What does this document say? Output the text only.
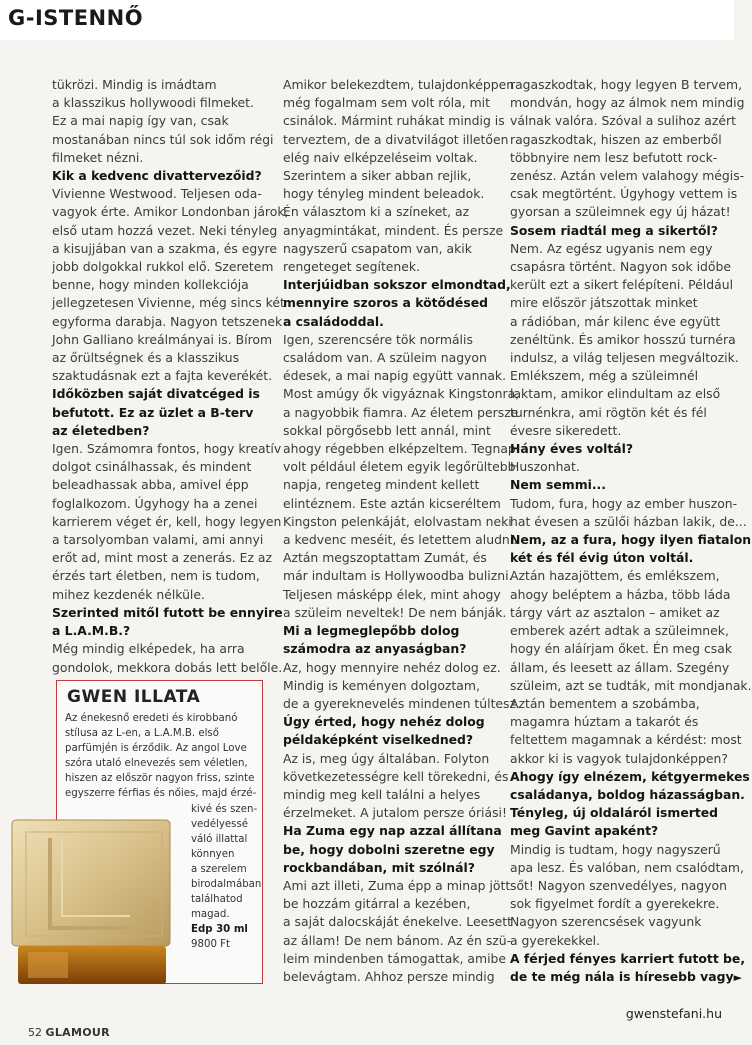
G-ISTENNŐ

tükrözi. Mindig is imádtam
a klasszikus hollywoodi filmeket.
Ez a mai napig így van, csak
mostanában nincs túl sok időm régi
filmeket nézni.

Kik a kedvenc divattervezőid?

Vivienne Westwood. Teljesen oda-
vagyok érte. Amikor Londonban járok,
első utam hozzá vezet. Neki tényleg
a kisujjában van a szakma, és egyre
jobb dolgokkal rukkol elő. Szeretem
benne, hogy minden kollekciója
jellegzetesen Vivienne, még sincs két
egyforma darabja. Nagyon tetszenek
John Galliano kreálmányai is. Bírom
az őrültségnek és a klasszikus
szaktudásnak ezt a fajta keverékét.

Időközben saját divatcéged is
befutott. Ez az üzlet a B-terv
az életedben?

Igen. Számomra fontos, hogy kreatív
dolgot csinálhassak, és mindent
beleadhassak abba, amivel épp
foglalkozom. Úgyhogy ha a zenei
karrierem véget ér, kell, hogy legyen
a tarsolyomban valami, ami annyi
erőt ad, mint most a zenerás. Ez az
érzés tart életben, nem is tudom,
mihez kezdenék nélküle.

Szerinted mitől futott be ennyire
a L.A.M.B.?

Még mindig elképedek, ha arra
gondolok, mekkora dobás lett belőle.

Amikor belekezdtem, tulajdonképpen
még fogalmam sem volt róla, mit
csinálok. Mármint ruhákat mindig is
terveztem, de a divatvilágot illetően
elég naiv elképzeléseim voltak.
Szerintem a siker abban rejlik,
hogy tényleg mindent beleadok.
Én választom ki a színeket, az
anyagmintákat, mindent. És persze
nagyszerű csapatom van, akik
rengeteget segítenek.

Interjúidban sokszor elmondtad,
mennyire szoros a kötődésed
a családoddal.

Igen, szerencsére tök normális
családom van. A szüleim nagyon
édesek, a mai napig együtt vannak.
Most amúgy ők vigyáznak Kingstonra,
a nagyobbik fiamra. Az életem persze
sokkal pörgősebb lett annál, mint
ahogy régebben elképzeltem. Tegnap
volt például életem egyik legőrültebb
napja, rengeteg mindent kellett
elintéznem. Este aztán kicseréltem
Kingston pelenkáját, elolvastam neki
a kedvenc meséit, és letettem aludni.
Aztán megszoptattam Zumát, és
már indultam is Hollywoodba bulizni.
Teljesen másképp élek, mint ahogy
a szüleim neveltek! De nem bánják.

Mi a legmeglepőbb dolog
számodra az anyaságban?

Az, hogy mennyire nehéz dolog ez.
Mindig is keményen dolgoztam,
de a gyereknevelés mindenen túltesz.

Úgy érted, hogy nehéz dolog
példaképként viselkedned?

Az is, meg úgy általában. Folyton
következetességre kell törekedni, és
mindig meg kell találni a helyes
érzelmeket. A jutalom persze óriási!

Ha Zuma egy nap azzal állítana
be, hogy dobolni szeretne egy
rockbandában, mit szólnál?

Ami azt illeti, Zuma épp a minap jött
be hozzám gitárral a kezében,
a saját dalocskáját énekelve. Leesett
az állam! De nem bánom. Az én szü-
leim mindenben támogattak, amibe
belevágtam. Ahhoz persze mindig

ragaszkodtak, hogy legyen B tervem,
mondván, hogy az álmok nem mindig
válnak valóra. Szóval a sulihoz azért
ragaszkodtak, hiszen az emberből
többnyire nem lesz befutott rock-
zenész. Aztán velem valahogy mégis-
csak megtörtént. Úgyhogy vettem is
gyorsan a szüleimnek egy új házat!

Sosem riadtál meg a sikertől?

Nem. Az egész ugyanis nem egy
csapásra történt. Nagyon sok időbe
került ezt a sikert felépíteni. Például
mire először játszottak minket
a rádióban, már kilenc éve együtt
zenéltünk. És amikor hosszú turnéra
indulsz, a világ teljesen megváltozik.
Emlékszem, még a szüleimnél
laktam, amikor elindultam az első
turnénkra, ami rögtön két és fél
évesre sikeredett.

Hány éves voltál?

Huszonhat.

Nem semmi...

Tudom, fura, hogy az ember huszon-
hat évesen a szülői házban lakik, de...

Nem, az a fura, hogy ilyen fiatalon
két és fél évig úton voltál.

Aztán hazajöttem, és emlékszem,
ahogy beléptem a házba, több láda
tárgy várt az asztalon – amiket az
emberek azért adtak a szüleimnek,
hogy én aláírjam őket. Én meg csak
állam, és leesett az állam. Szegény
szüleim, azt se tudták, mit mondjanak.
Aztán bementem a szobámba,
magamra húztam a takarót és
feltettem magamnak a kérdést: most
akkor ki is vagyok tulajdonképpen?

Ahogy így elnézem, kétgyermekes
családanya, boldog házasságban.
Tényleg, új oldaláról ismerted
meg Gavint apaként?

Mindig is tudtam, hogy nagyszerű
apa lesz. És valóban, nem csalódtam,
sőt! Nagyon szenvedélyes, nagyon
sok figyelmet fordít a gyerekekre.
Nagyon szerencsések vagyunk
a gyerekekkel.

A férjed fényes karriert futott be,
de te még nála is híresebb vagy►

GWEN ILLATA
Az énekesnő eredeti és kirobbanó
stílusa az L-en, a L.A.M.B. első
parfümjén is érződik. Az angol Love
szóra utaló elnevezés sem véletlen,
hiszen az először nagyon friss, szinte
egyszerre férfias és nőies, majd érzé-
kivé és szen-
vedélyessé
váló illattal
könnyen
a szerelem
birodalmában
találhatod
magad.
Edp 30 ml
9800 Ft
52 GLAMOUR
gwenstefani.hu
